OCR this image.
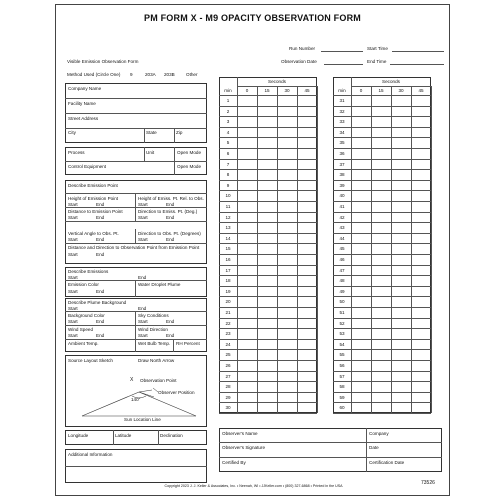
PM FORM X - M9 OPACITY OBSERVATION FORM
Run Number	Start Time
Observation Date	End Time
Visible Emission Observation Form
Method Used (Circle One) 9	203A 203B Other
Company Name
Facility Name
Street Address
City	State	Zip
Process	Unit	Open Mode
Control Equipment	Open Mode
Describe Emission Point
Height of Emission Point	Height of Emiss. Pt. Rel. to Obs.
Start	End	Start	End
Distance to Emission Point	Direction to Emiss. Pt. (Deg.)
Start	End	Start	End
Vertical Angle to Obs. Pt.	Direction to Obs. Pt. (Degrees)
Start	End	Start	End
Distance and Direction to Observation Point from Emission Point
Start	End
Describe Emissions
Start	End
Emission Color	Water Droplet Plume
Start	End
Describe Plume Background
Start	End
Background Color	Sky Conditions
Start	End	Start	End
Wind Speed	Wind Direction
Start	End	Start	End
Ambient Temp.	Wet Bulb Temp. RH Percent
Source Layout Sketch	Draw North Arrow
X Observation Point
Observer Position
140°
Sun Location Line
Longitude	Latitude	Declination
Additional Information
Seconds
min	0	15	30	45
1
2
3
4
5
6
7
8
9
10
11
12
13
14
15
16
17
18
19
20
21
22
23
24
25
26
27
28
29
30
Seconds
min	0	15	30	45
31
32
33
34
35
36
37
38
39
40
41
42
43
44
45
46
47
48
49
50
51
52
53
54
55
56
57
58
59
60
Observer's Name	Company
Observer's Signature	Date
Certified By	Certification Date
Copyright 2023 J. J. Keller & Associates, Inc. • Neenah, WI • JJKeller.com • (800) 327-6868 • Printed in the USA	73526
